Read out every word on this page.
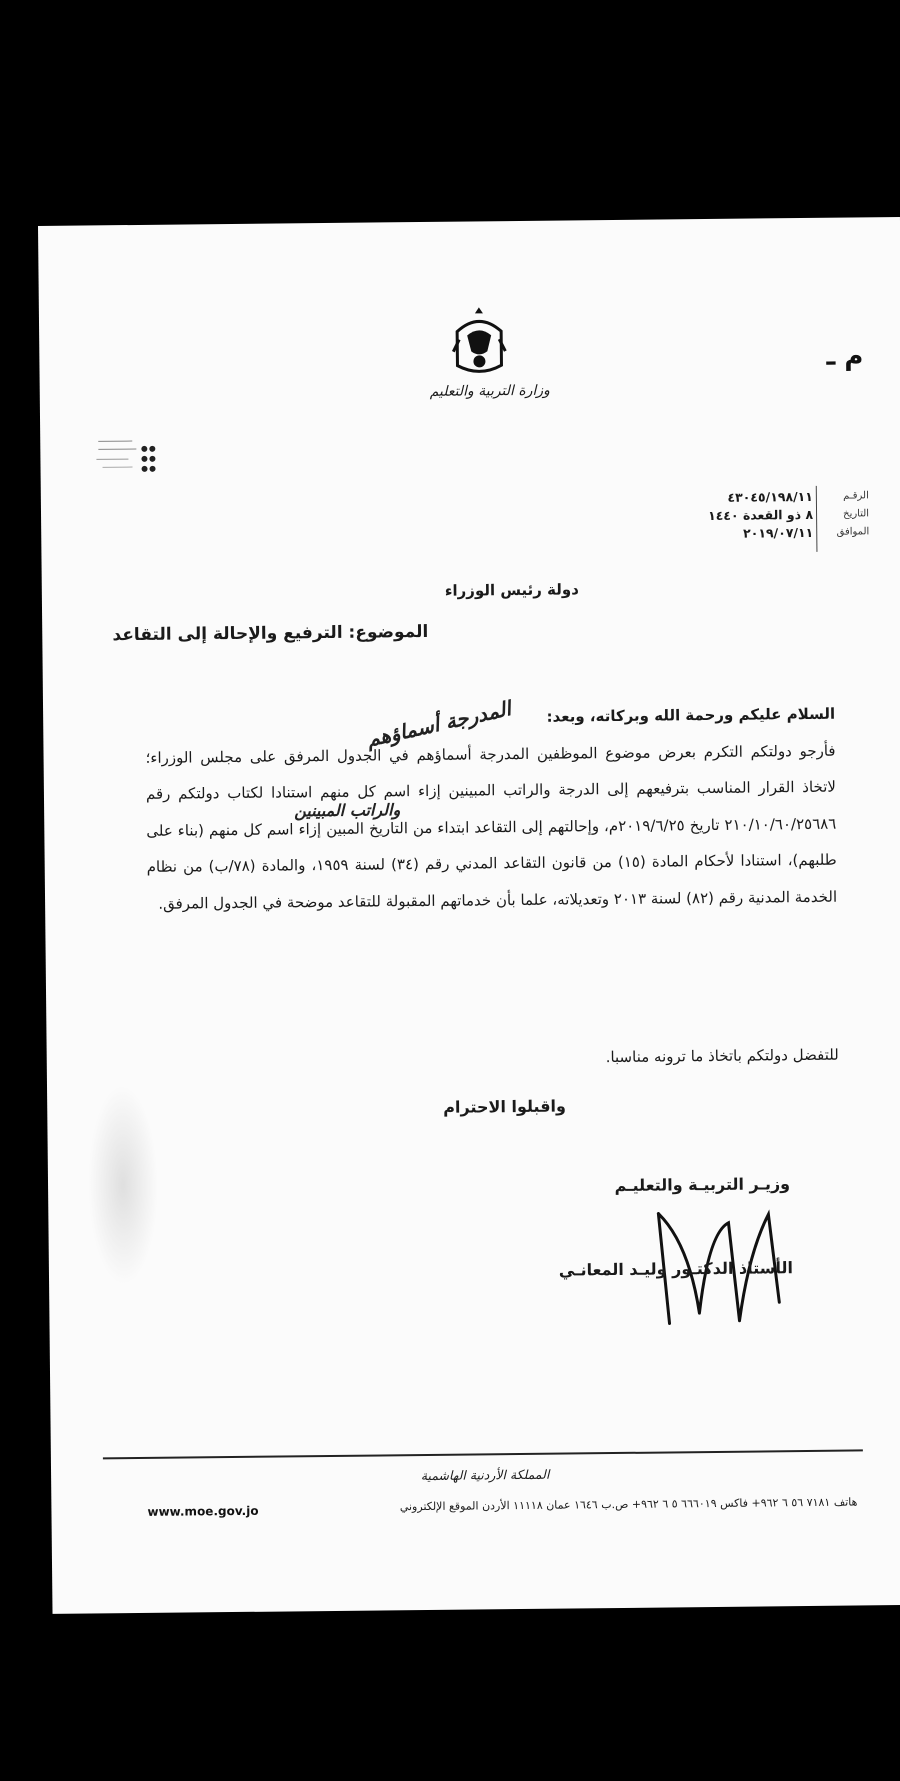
وزارة التربية والتعليم
م ـ
الرقـم
٤٣٠٤٥/١٩٨/١١
التاريخ
٨ ذو القعدة ١٤٤٠
الموافق
٢٠١٩/٠٧/١١
دولة رئيس الوزراء
الموضوع: الترفيع والإحالة إلى التقاعد
السلام عليكم ورحمة الله وبركاته، وبعد:
فأرجو دولتكم التكرم بعرض موضوع الموظفين المدرجة أسماؤهم في الجدول المرفق على مجلس الوزراء؛ لاتخاذ القرار المناسب بترفيعهم إلى الدرجة والراتب المبينين إزاء اسم كل منهم استنادا لكتاب دولتكم رقم ٢١٠/١٠/٦٠/٢٥٦٨٦ تاريخ ٢٠١٩/٦/٢٥م، وإحالتهم إلى التقاعد ابتداء من التاريخ المبين إزاء اسم كل منهم (بناء على طلبهم)، استنادا لأحكام المادة (١٥) من قانون التقاعد المدني رقم (٣٤) لسنة ١٩٥٩، والمادة (٧٨/ب) من نظام الخدمة المدنية رقم (٨٢) لسنة ٢٠١٣ وتعديلاته، علما بأن خدماتهم المقبولة للتقاعد موضحة في الجدول المرفق.
المدرجة أسماؤهم
والراتب المبينين
للتفضل دولتكم باتخاذ ما ترونه مناسبا.
واقبلوا الاحترام
وزيـر التربيـة والتعليـم
الأستاذ الدكتـور وليـد المعانـي
المملكة الأردنية الهاشمية
هاتف ٧١٨١ ٥٦ ٦ ٩٦٢+ فاكس ٦٦٦٠١٩ ٥ ٦ ٩٦٢+ ص.ب ١٦٤٦ عمان ١١١١٨ الأردن الموقع الإلكتروني
www.moe.gov.jo
